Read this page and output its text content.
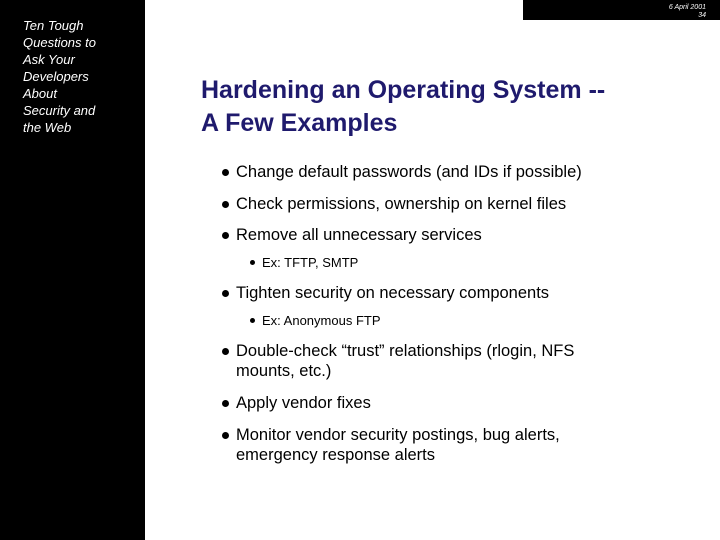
Ten Tough
Questions to
Ask Your
Developers
About
Security and
the Web
6 April 2001
34
Hardening an Operating System --
A Few Examples
Change default passwords (and IDs if possible)
Check permissions, ownership on kernel files
Remove all unnecessary services
Ex: TFTP, SMTP
Tighten security on necessary components
Ex: Anonymous FTP
Double-check “trust” relationships (rlogin, NFS mounts, etc.)
Apply vendor fixes
Monitor vendor security postings, bug alerts, emergency response alerts
